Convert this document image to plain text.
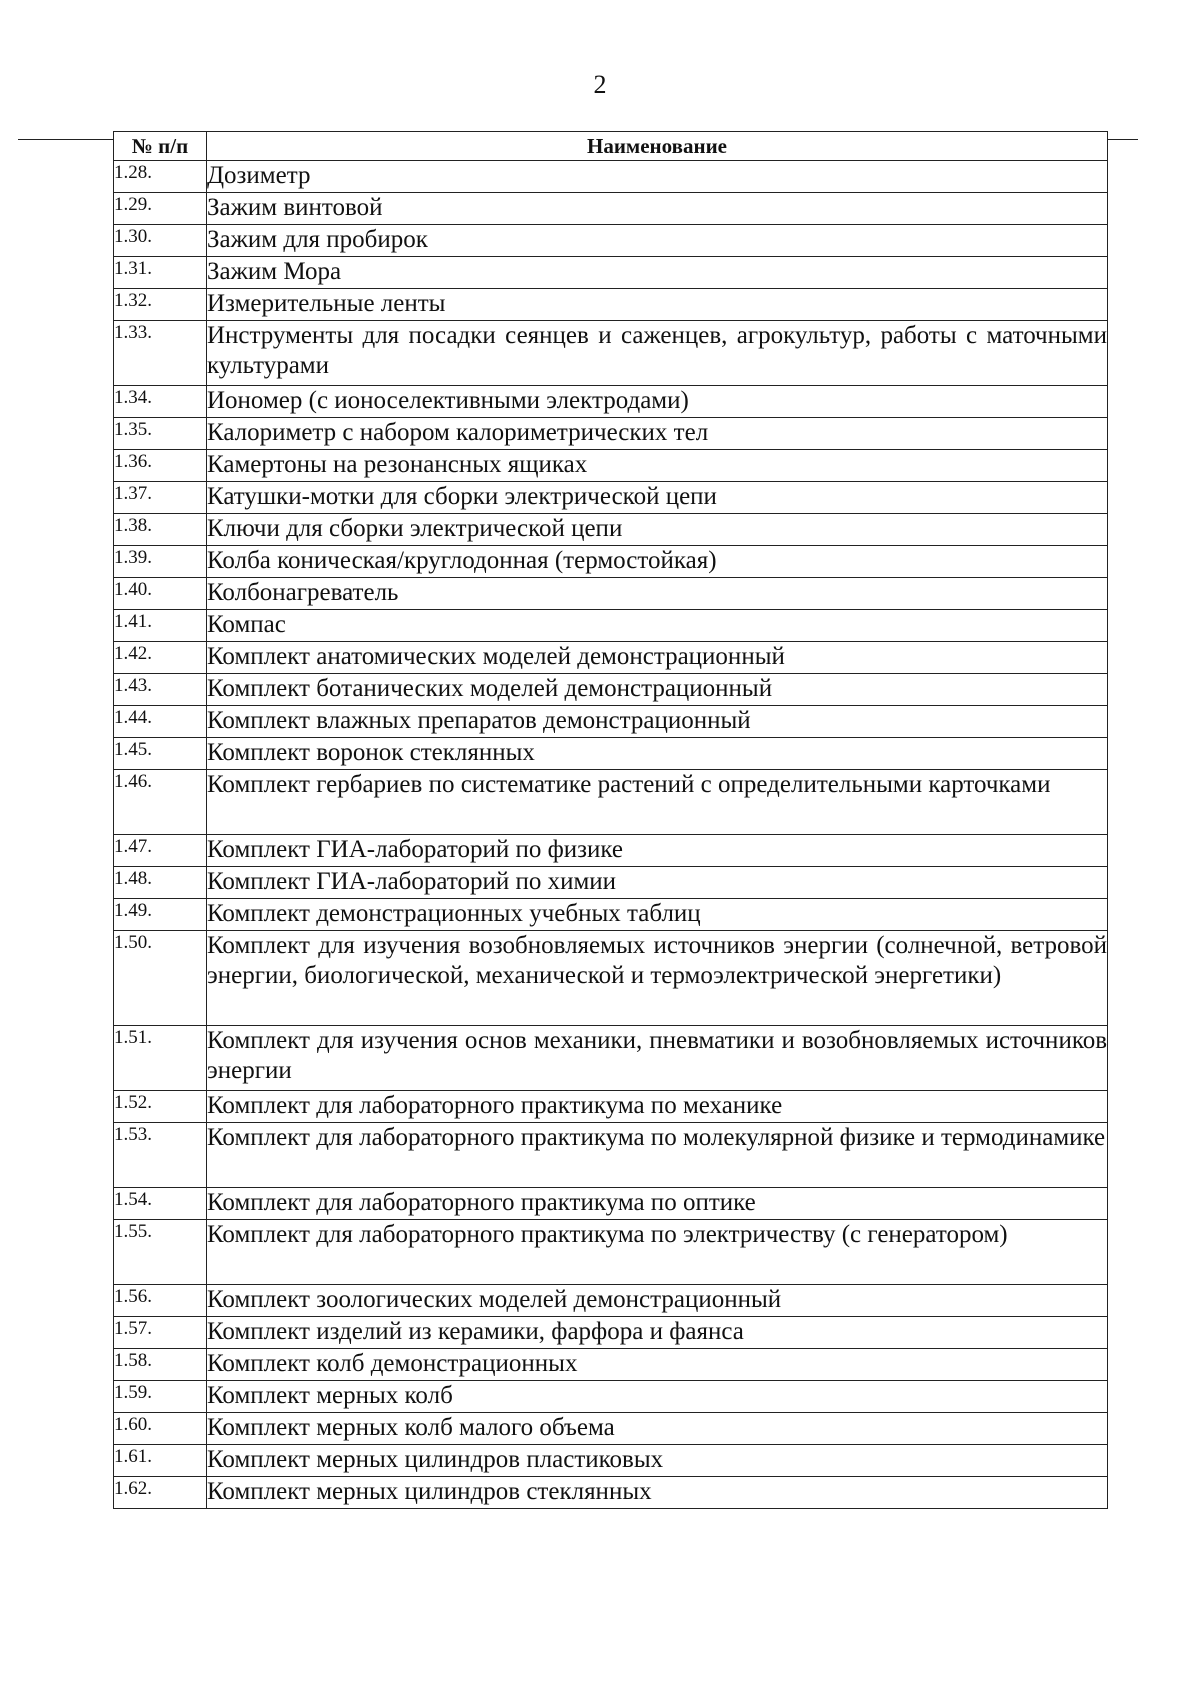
2
№ п/п	Наименование
1.28.	Дозиметр
1.29.	Зажим винтовой
1.30.	Зажим для пробирок
1.31.	Зажим Мора
1.32.	Измерительные ленты
1.33.	Инструменты для посадки сеянцев и саженцев, агрокультур, работы с маточными культурами
1.34.	Иономер (с ионоселективными электродами)
1.35.	Калориметр с набором калориметрических тел
1.36.	Камертоны на резонансных ящиках
1.37.	Катушки-мотки для сборки электрической цепи
1.38.	Ключи для сборки электрической цепи
1.39.	Колба коническая/круглодонная (термостойкая)
1.40.	Колбонагреватель
1.41.	Компас
1.42.	Комплект анатомических моделей демонстрационный
1.43.	Комплект ботанических моделей демонстрационный
1.44.	Комплект влажных препаратов демонстрационный
1.45.	Комплект воронок стеклянных
1.46.	Комплект гербариев по систематике растений с определительными карточками
1.47.	Комплект ГИА-лабораторий по физике
1.48.	Комплект ГИА-лабораторий по химии
1.49.	Комплект демонстрационных учебных таблиц
1.50.	Комплект для изучения возобновляемых источников энергии (солнечной, ветровой энергии, биологической, механической и термоэлектрической энергетики)
1.51.	Комплект для изучения основ механики, пневматики и возобновляемых источников энергии
1.52.	Комплект для лабораторного практикума по механике
1.53.	Комплект для лабораторного практикума по молекулярной физике и термодинамике
1.54.	Комплект для лабораторного практикума по оптике
1.55.	Комплект для лабораторного практикума по электричеству (с генератором)
1.56.	Комплект зоологических моделей демонстрационный
1.57.	Комплект изделий из керамики, фарфора и фаянса
1.58.	Комплект колб демонстрационных
1.59.	Комплект мерных колб
1.60.	Комплект мерных колб малого объема
1.61.	Комплект мерных цилиндров пластиковых
1.62.	Комплект мерных цилиндров стеклянных
